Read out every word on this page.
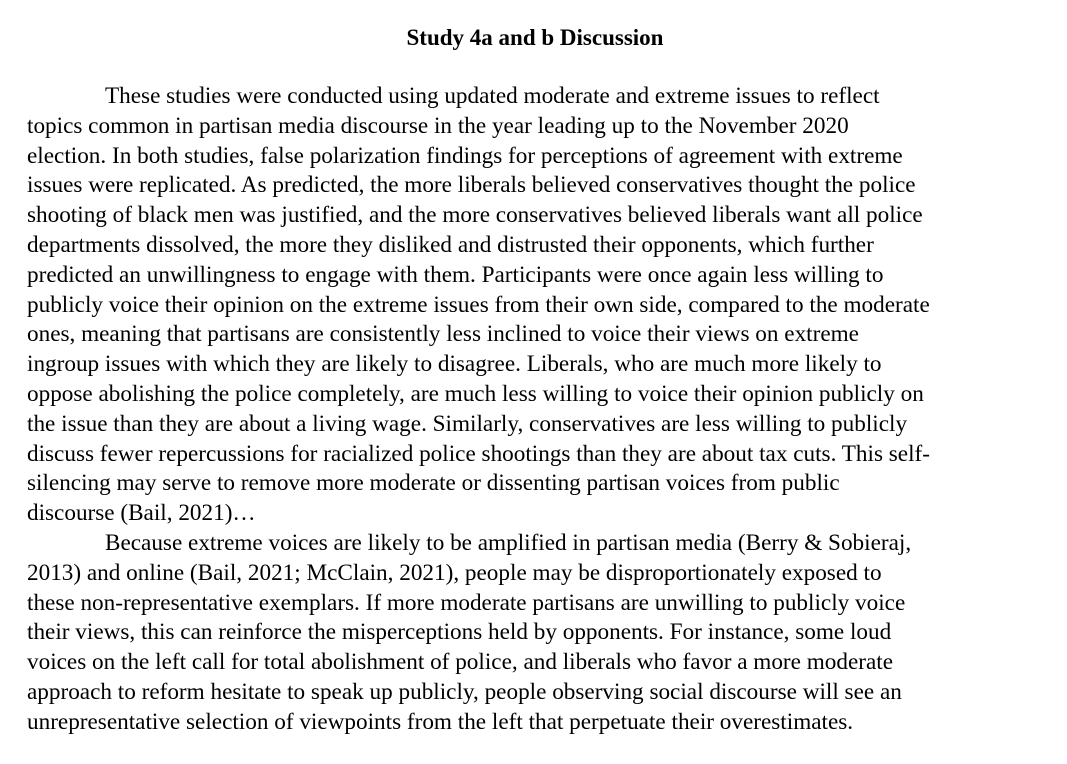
Study 4a and b Discussion
These studies were conducted using updated moderate and extreme issues to reflect
topics common in partisan media discourse in the year leading up to the November 2020
election. In both studies, false polarization findings for perceptions of agreement with extreme
issues were replicated. As predicted, the more liberals believed conservatives thought the police
shooting of black men was justified, and the more conservatives believed liberals want all police
departments dissolved, the more they disliked and distrusted their opponents, which further
predicted an unwillingness to engage with them. Participants were once again less willing to
publicly voice their opinion on the extreme issues from their own side, compared to the moderate
ones, meaning that partisans are consistently less inclined to voice their views on extreme
ingroup issues with which they are likely to disagree. Liberals, who are much more likely to
oppose abolishing the police completely, are much less willing to voice their opinion publicly on
the issue than they are about a living wage. Similarly, conservatives are less willing to publicly
discuss fewer repercussions for racialized police shootings than they are about tax cuts. This self-
silencing may serve to remove more moderate or dissenting partisan voices from public
discourse (Bail, 2021)…
Because extreme voices are likely to be amplified in partisan media (Berry & Sobieraj,
2013) and online (Bail, 2021; McClain, 2021), people may be disproportionately exposed to
these non-representative exemplars. If more moderate partisans are unwilling to publicly voice
their views, this can reinforce the misperceptions held by opponents. For instance, some loud
voices on the left call for total abolishment of police, and liberals who favor a more moderate
approach to reform hesitate to speak up publicly, people observing social discourse will see an
unrepresentative selection of viewpoints from the left that perpetuate their overestimates.
